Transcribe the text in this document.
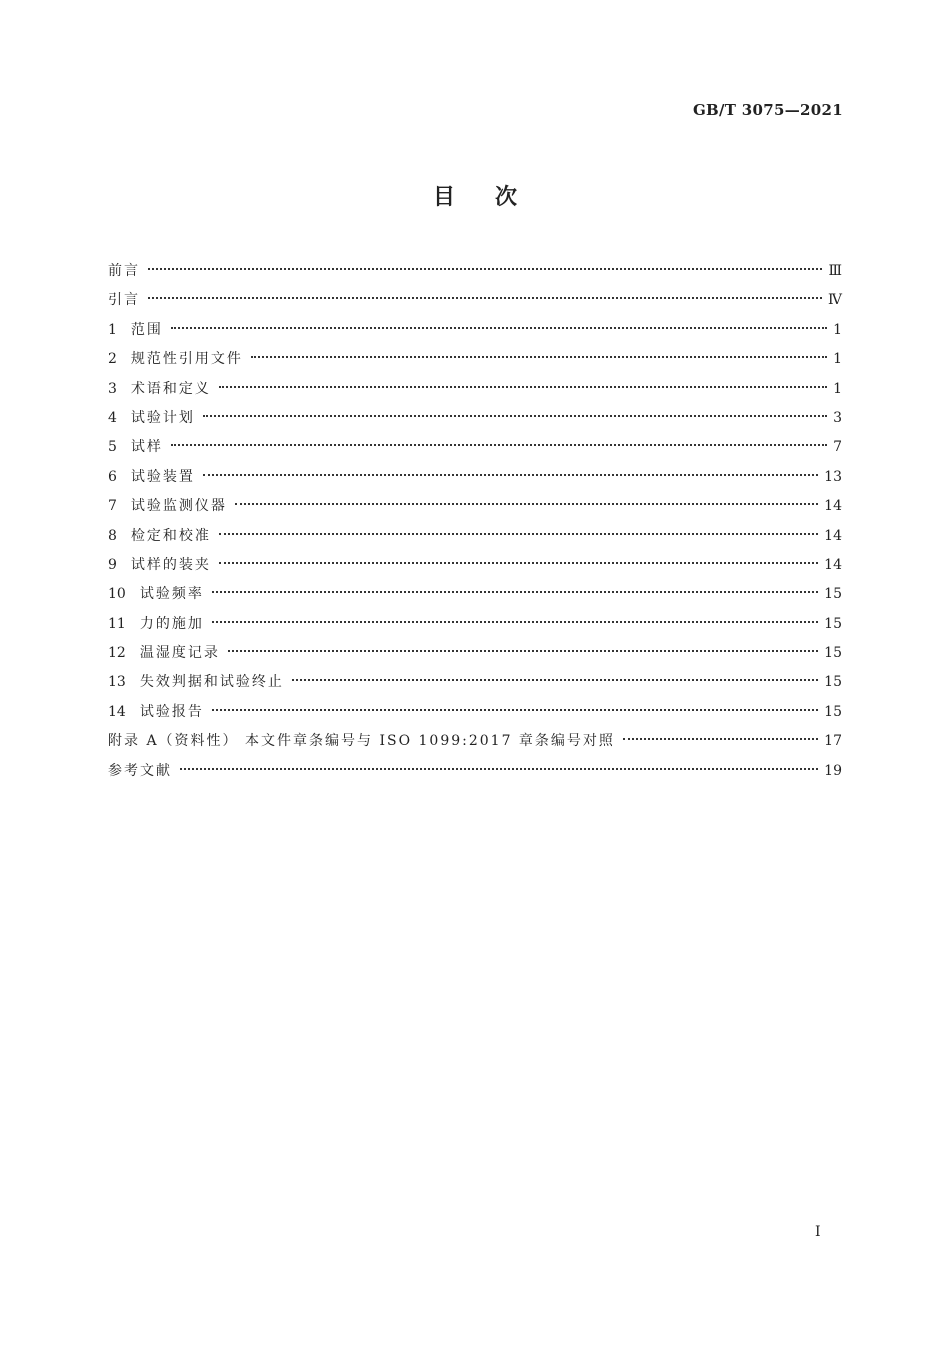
GB/T 3075—2021
目次
前言	Ⅲ
引言	Ⅳ
1 范围	1
2 规范性引用文件	1
3 术语和定义	1
4 试验计划	3
5 试样	7
6 试验装置	13
7 试验监测仪器	14
8 检定和校准	14
9 试样的装夹	14
10 试验频率	15
11 力的施加	15
12 温湿度记录	15
13 失效判据和试验终止	15
14 试验报告	15
附录 A（资料性） 本文件章条编号与 ISO 1099:2017 章条编号对照	17
参考文献	19
I
